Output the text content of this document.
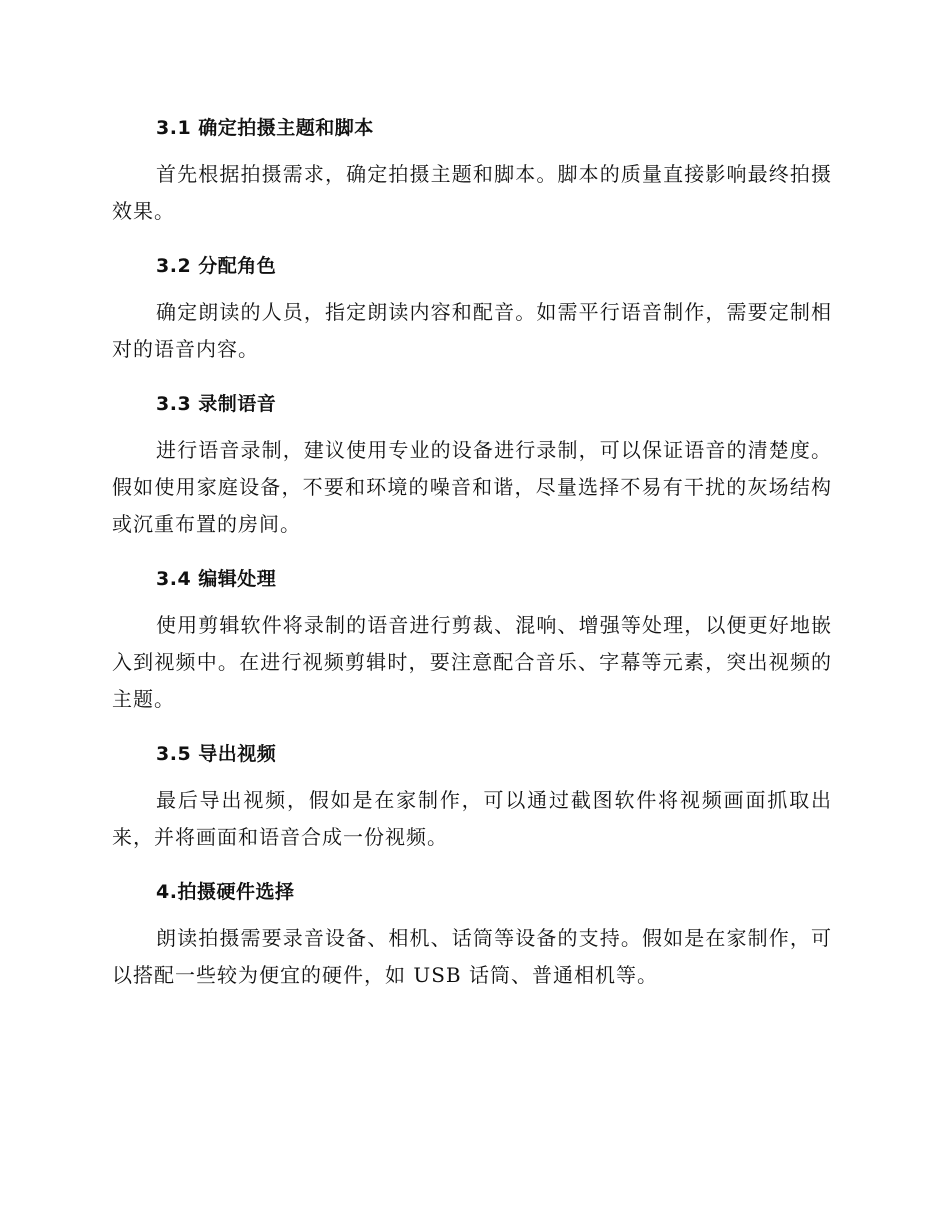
3.1 确定拍摄主题和脚本

首先根据拍摄需求，确定拍摄主题和脚本。脚本的质量直接影响最终拍摄效果。

3.2 分配角色

确定朗读的人员，指定朗读内容和配音。如需平行语音制作，需要定制相对的语音内容。

3.3 录制语音

进行语音录制，建议使用专业的设备进行录制，可以保证语音的清楚度。假如使用家庭设备，不要和环境的噪音和谐，尽量选择不易有干扰的灰场结构或沉重布置的房间。

3.4 编辑处理

使用剪辑软件将录制的语音进行剪裁、混响、增强等处理，以便更好地嵌入到视频中。在进行视频剪辑时，要注意配合音乐、字幕等元素，突出视频的主题。

3.5 导出视频

最后导出视频，假如是在家制作，可以通过截图软件将视频画面抓取出来，并将画面和语音合成一份视频。

4.拍摄硬件选择

朗读拍摄需要录音设备、相机、话筒等设备的支持。假如是在家制作，可以搭配一些较为便宜的硬件，如 USB 话筒、普通相机等。
